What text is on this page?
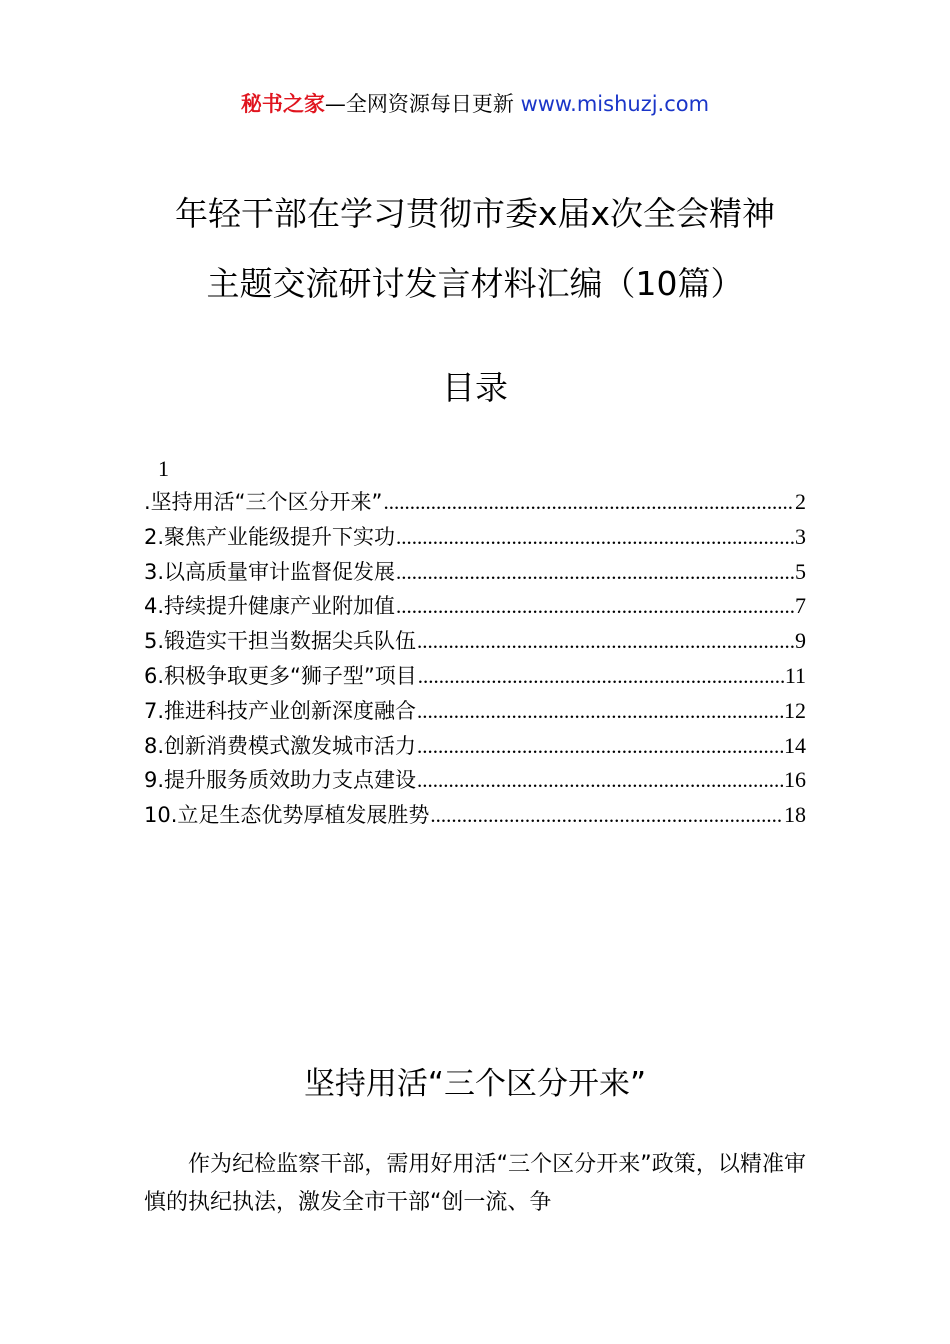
秘书之家—全网资源每日更新 www.mishuzj.com
年轻干部在学习贯彻市委x届x次全会精神
主题交流研讨发言材料汇编（10篇）
目录
1
.坚持用活“三个区分开来” .....	2
2.聚焦产业能级提升下实功 .....	3
3.以高质量审计监督促发展 .....	5
4.持续提升健康产业附加值 .....	7
5.锻造实干担当数据尖兵队伍 .....	9
6.积极争取更多“狮子型”项目 .....	11
7.推进科技产业创新深度融合 .....	12
8.创新消费模式激发城市活力 .....	14
9.提升服务质效助力支点建设 .....	16
10.立足生态优势厚植发展胜势 .....	18
坚持用活“三个区分开来”

作为纪检监察干部，需用好用活“三个区分开来”政策，以精准审慎的执纪执法，激发全市干部“创一流、争
